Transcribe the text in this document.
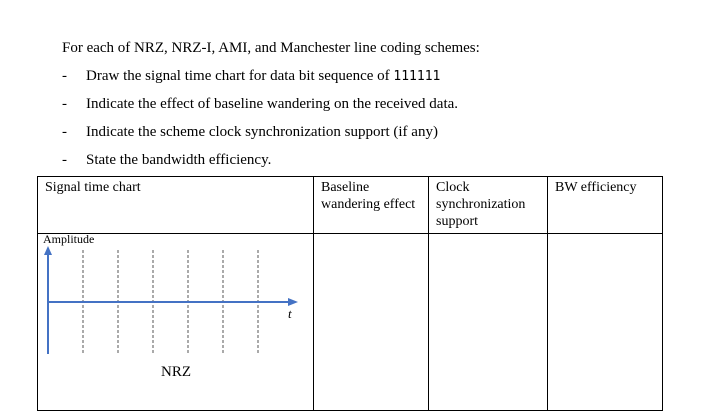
For each of NRZ, NRZ-I, AMI, and Manchester line coding schemes:

-	Draw the signal time chart for data bit sequence of 111111
-	Indicate the effect of baseline wandering on the received data.
-	Indicate the scheme clock synchronization support (if any)
-	State the bandwidth efficiency.
Signal time chart	Baseline wandering effect	Clock synchronization support	BW efficiency

Amplitude
t
NRZ			
